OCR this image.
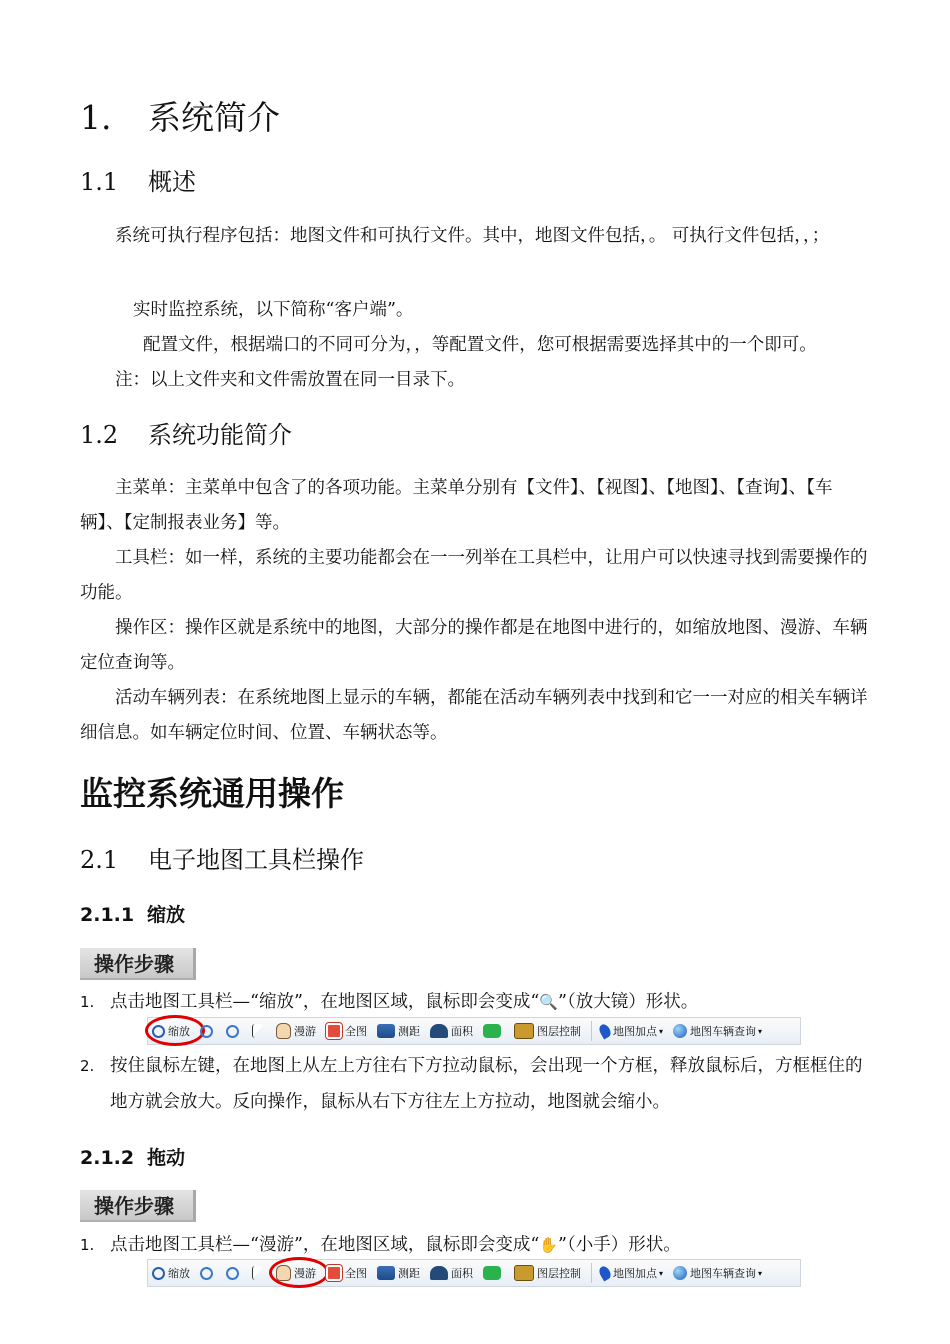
1. 系统简介
1.1 概述
系统可执行程序包括：地图文件和可执行文件。其中，地图文件包括，。 可执行文件包括，，；
实时监控系统，以下简称“客户端”。
配置文件，根据端口的不同可分为，，等配置文件，您可根据需要选择其中的一个即可。
注：以上文件夹和文件需放置在同一目录下。
1.2 系统功能简介
主菜单：主菜单中包含了的各项功能。主菜单分别有【文件】、【视图】、【地图】、【查询】、【车辆】、【定制报表业务】等。
工具栏：如一样，系统的主要功能都会在一一列举在工具栏中，让用户可以快速寻找到需要操作的功能。
操作区：操作区就是系统中的地图，大部分的操作都是在地图中进行的，如缩放地图、漫游、车辆定位查询等。
活动车辆列表：在系统地图上显示的车辆，都能在活动车辆列表中找到和它一一对应的相关车辆详细信息。如车辆定位时间、位置、车辆状态等。
监控系统通用操作
2.1 电子地图工具栏操作
2.1.1 缩放
操作步骤
1. 点击地图工具栏—“缩放”，在地图区域，鼠标即会变成“🔍”（放大镜）形状。
缩放	漫游	全图	测距	面积	图层控制	地图加点 ▾ 地图车辆查询 ▾
2. 按住鼠标左键，在地图上从左上方往右下方拉动鼠标，会出现一个方框，释放鼠标后，方框框住的地方就会放大。反向操作，鼠标从右下方往左上方拉动，地图就会缩小。
2.1.2 拖动
操作步骤
1. 点击地图工具栏—“漫游”，在地图区域，鼠标即会变成“✋”（小手）形状。
缩放	漫游	全图	测距	面积	图层控制	地图加点 ▾ 地图车辆查询 ▾
